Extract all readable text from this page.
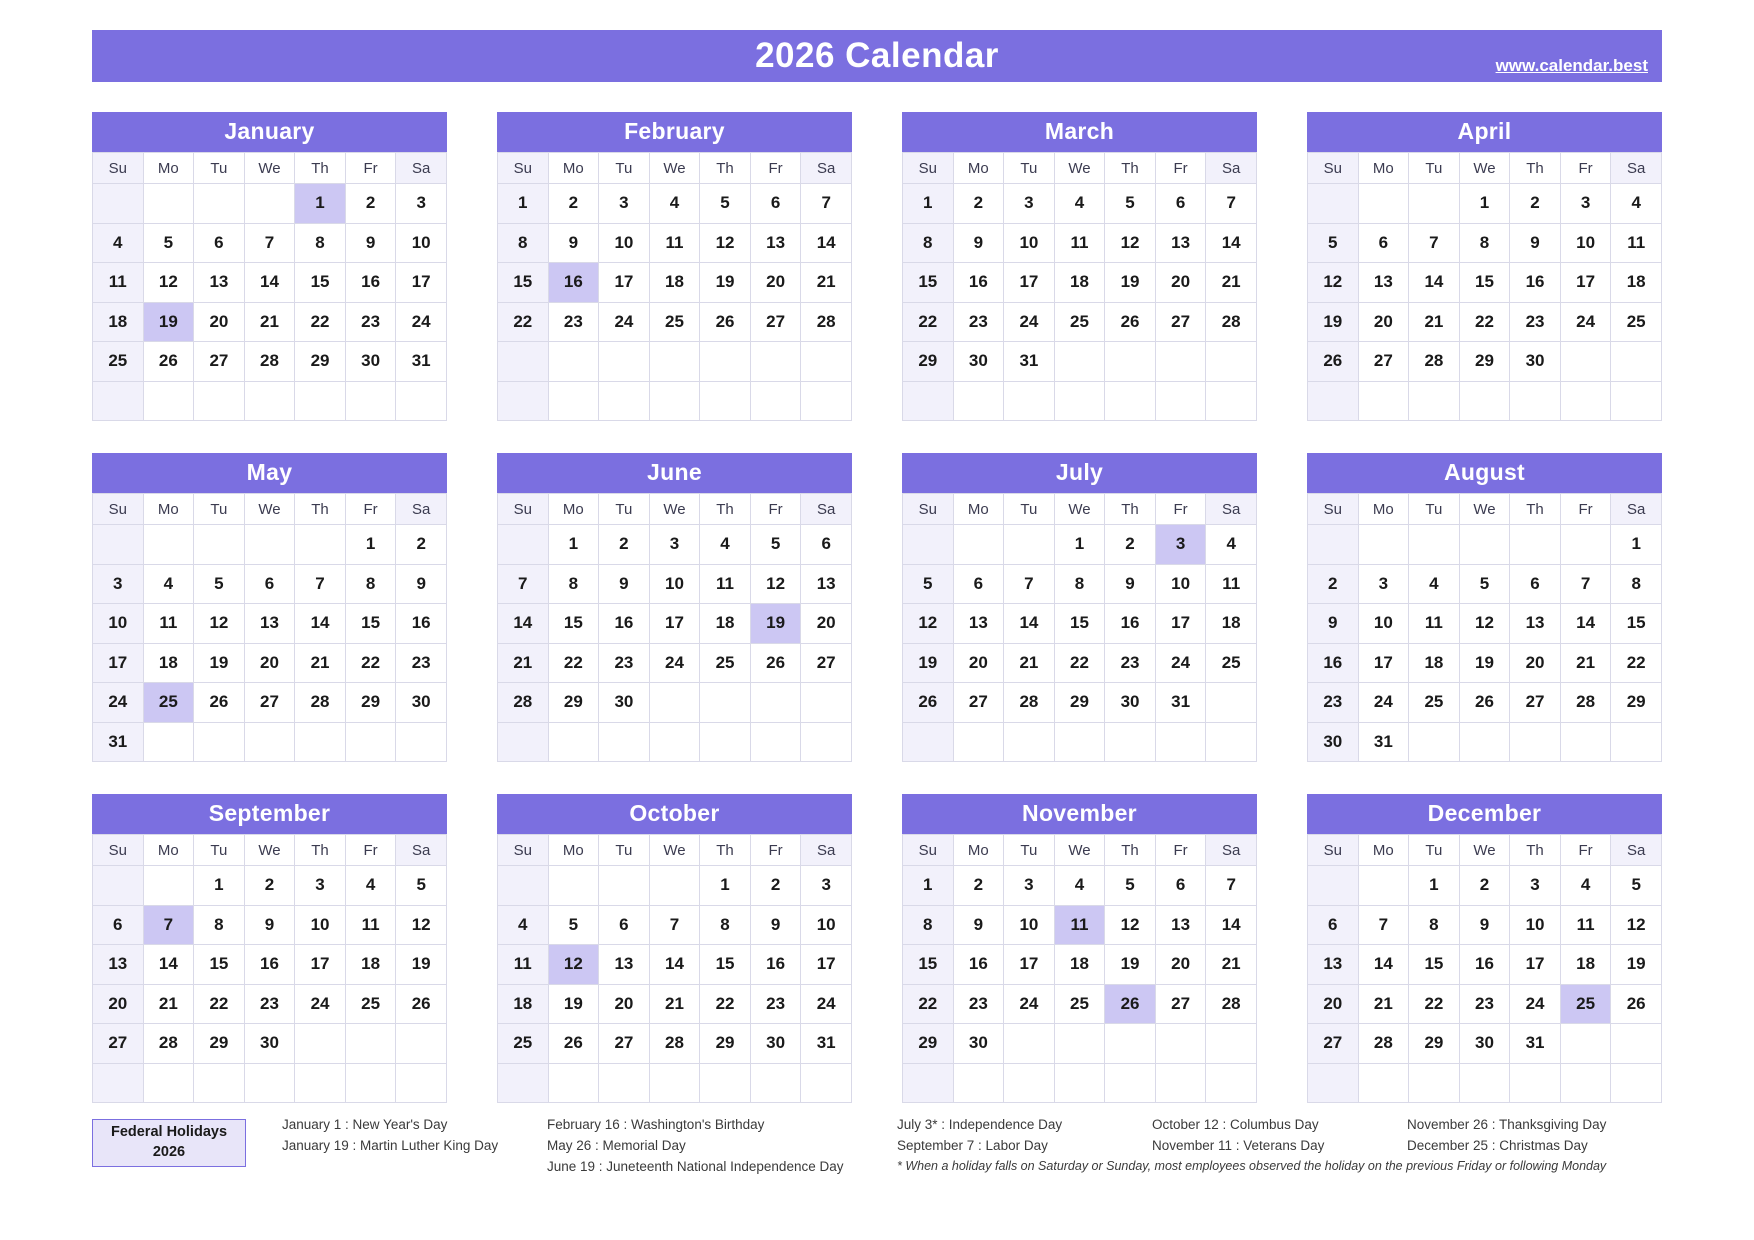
2026 Calendar	www.calendar.best
January
Su	Mo	Tu	We	Th	Fr	Sa
				1	2	3
4	5	6	7	8	9	10
11	12	13	14	15	16	17
18	19	20	21	22	23	24
25	26	27	28	29	30	31

February
Su	Mo	Tu	We	Th	Fr	Sa
1	2	3	4	5	6	7
8	9	10	11	12	13	14
15	16	17	18	19	20	21
22	23	24	25	26	27	28

March
Su	Mo	Tu	We	Th	Fr	Sa
1	2	3	4	5	6	7
8	9	10	11	12	13	14
15	16	17	18	19	20	21
22	23	24	25	26	27	28
29	30	31				

April
Su	Mo	Tu	We	Th	Fr	Sa
			1	2	3	4
5	6	7	8	9	10	11
12	13	14	15	16	17	18
19	20	21	22	23	24	25
26	27	28	29	30		

May
Su	Mo	Tu	We	Th	Fr	Sa
					1	2
3	4	5	6	7	8	9
10	11	12	13	14	15	16
17	18	19	20	21	22	23
24	25	26	27	28	29	30
31						
June
Su	Mo	Tu	We	Th	Fr	Sa
	1	2	3	4	5	6
7	8	9	10	11	12	13
14	15	16	17	18	19	20
21	22	23	24	25	26	27
28	29	30				

July
Su	Mo	Tu	We	Th	Fr	Sa
			1	2	3	4
5	6	7	8	9	10	11
12	13	14	15	16	17	18
19	20	21	22	23	24	25
26	27	28	29	30	31	

August
Su	Mo	Tu	We	Th	Fr	Sa
						1
2	3	4	5	6	7	8
9	10	11	12	13	14	15
16	17	18	19	20	21	22
23	24	25	26	27	28	29
30	31					
September
Su	Mo	Tu	We	Th	Fr	Sa
		1	2	3	4	5
6	7	8	9	10	11	12
13	14	15	16	17	18	19
20	21	22	23	24	25	26
27	28	29	30			

October
Su	Mo	Tu	We	Th	Fr	Sa
				1	2	3
4	5	6	7	8	9	10
11	12	13	14	15	16	17
18	19	20	21	22	23	24
25	26	27	28	29	30	31

November
Su	Mo	Tu	We	Th	Fr	Sa
1	2	3	4	5	6	7
8	9	10	11	12	13	14
15	16	17	18	19	20	21
22	23	24	25	26	27	28
29	30					

December
Su	Mo	Tu	We	Th	Fr	Sa
		1	2	3	4	5
6	7	8	9	10	11	12
13	14	15	16	17	18	19
20	21	22	23	24	25	26
27	28	29	30	31		

Federal Holidays
2026
January 1 : New Year's Day	February 16 : Washington's Birthday	July 3* : Independence Day	October 12 : Columbus Day	November 26 : Thanksgiving Day
January 19 : Martin Luther King Day	May 26 : Memorial Day	September 7 : Labor Day	November 11 : Veterans Day	December 25 : Christmas Day
June 19 : Juneteenth National Independence Day	* When a holiday falls on Saturday or Sunday, most employees observed the holiday on the previous Friday or following Monday
